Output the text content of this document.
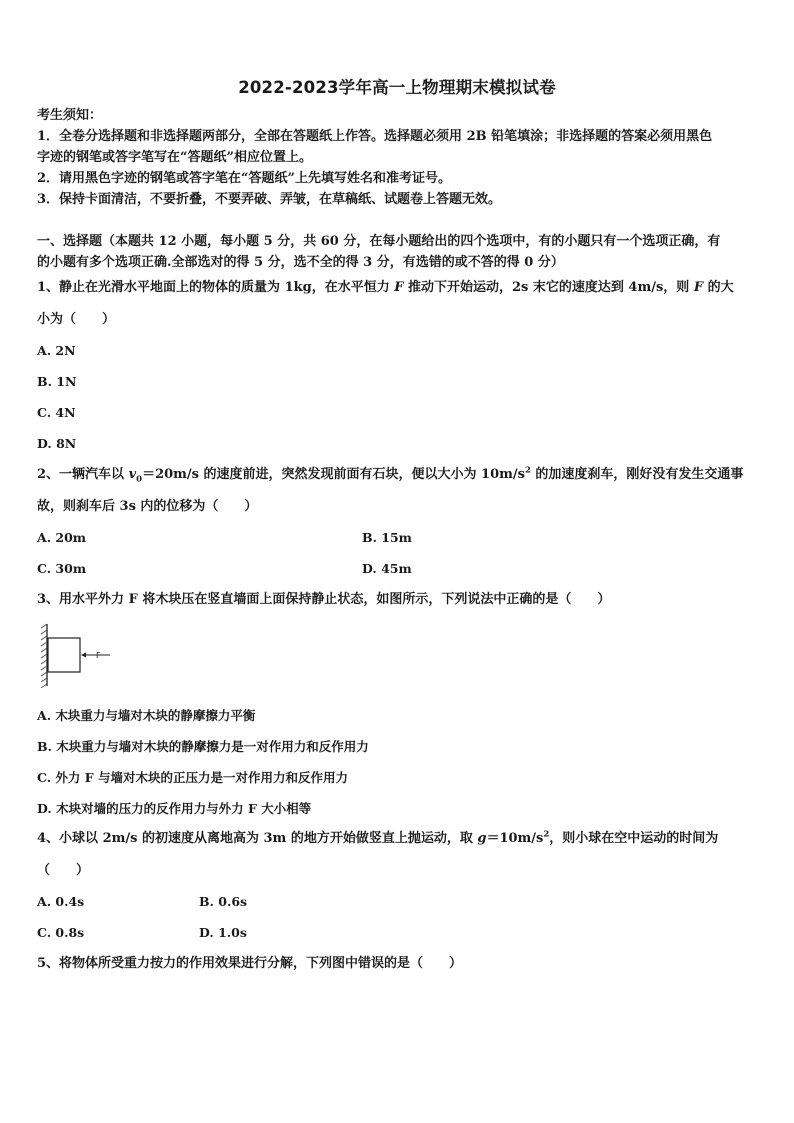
2022-2023学年高一上物理期末模拟试卷
考生须知：
1．全卷分选择题和非选择题两部分，全部在答题纸上作答。选择题必须用 2B 铅笔填涂；非选择题的答案必须用黑色
字迹的钢笔或答字笔写在“答题纸”相应位置上。
2．请用黑色字迹的钢笔或答字笔在“答题纸”上先填写姓名和准考证号。
3．保持卡面清洁，不要折叠，不要弄破、弄皱，在草稿纸、试题卷上答题无效。
一、选择题（本题共 12 小题，每小题 5 分，共 60 分，在每小题给出的四个选项中，有的小题只有一个选项正确，有
的小题有多个选项正确.全部选对的得 5 分，选不全的得 3 分，有选错的或不答的得 0 分）
1、静止在光滑水平地面上的物体的质量为 1kg，在水平恒力 F 推动下开始运动，2s 末它的速度达到 4m/s，则 F 的大
小为（　　）
A. 2N
B. 1N
C. 4N
D. 8N
2、一辆汽车以 $v_0=20m/s$ 的速度前进，突然发现前面有石块，便以大小为 $10m/s^2$ 的加速度刹车，刚好没有发生交通事
故，则刹车后 3s 内的位移为（　　）
A. 20m	B. 15m
C. 30m	D. 45m
3、用水平外力 F 将木块压在竖直墙面上面保持静止状态，如图所示，下列说法中正确的是（　　）
F
A. 木块重力与墙对木块的静摩擦力平衡
B. 木块重力与墙对木块的静摩擦力是一对作用力和反作用力
C. 外力 F 与墙对木块的正压力是一对作用力和反作用力
D. 木块对墙的压力的反作用力与外力 F 大小相等
4、小球以 2m/s 的初速度从离地高为 3m 的地方开始做竖直上抛运动，取 $g=10m/s^2$，则小球在空中运动的时间为
（　　）
A. 0.4s	B. 0.6s
C. 0.8s	D. 1.0s
5、将物体所受重力按力的作用效果进行分解，下列图中错误的是（　　）
